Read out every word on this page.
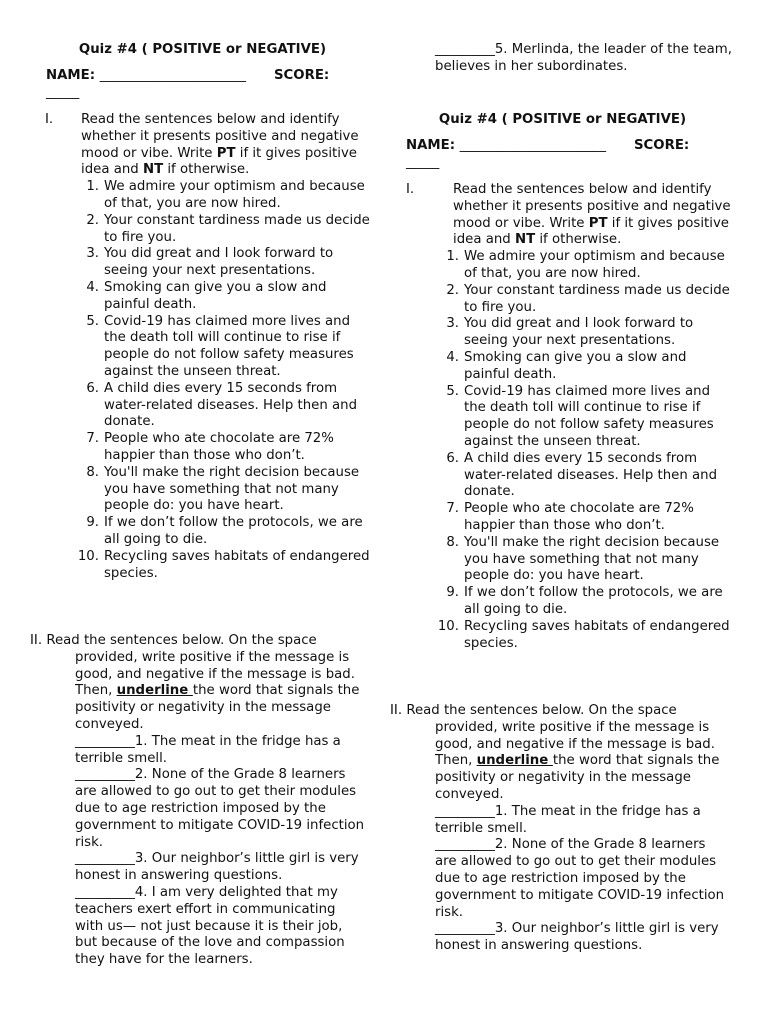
Quiz #4 ( POSITIVE or NEGATIVE)
NAME: ______________________ SCORE:
_____
I. Read the sentences below and identify whether it presents positive and negative mood or vibe. Write PT if it gives positive idea and NT if otherwise.
1. We admire your optimism and because of that, you are now hired.
2. Your constant tardiness made us decide to fire you.
3. You did great and I look forward to seeing your next presentations.
4. Smoking can give you a slow and painful death.
5. Covid-19 has claimed more lives and the death toll will continue to rise if people do not follow safety measures against the unseen threat.
6. A child dies every 15 seconds from water-related diseases. Help then and donate.
7. People who ate chocolate are 72% happier than those who don’t.
8. You'll make the right decision because you have something that not many people do: you have heart.
9. If we don’t follow the protocols, we are all going to die.
10. Recycling saves habitats of endangered species.
II. Read the sentences below. On the space provided, write positive if the message is good, and negative if the message is bad. Then, underline the word that signals the positivity or negativity in the message conveyed.
_________1. The meat in the fridge has a terrible smell.
_________2. None of the Grade 8 learners are allowed to go out to get their modules due to age restriction imposed by the government to mitigate COVID-19 infection risk.
_________3. Our neighbor’s little girl is very honest in answering questions.
_________4. I am very delighted that my teachers exert effort in communicating with us— not just because it is their job, but because of the love and compassion they have for the learners.
_________5. Merlinda, the leader of the team, believes in her subordinates.
Quiz #4 ( POSITIVE or NEGATIVE)
NAME: ______________________ SCORE:
_____
I.	Read the sentences below and identify whether it presents positive and negative mood or vibe. Write PT if it gives positive idea and NT if otherwise.
1. We admire your optimism and because of that, you are now hired.
2. Your constant tardiness made us decide to fire you.
3. You did great and I look forward to seeing your next presentations.
4. Smoking can give you a slow and painful death.
5. Covid-19 has claimed more lives and the death toll will continue to rise if people do not follow safety measures against the unseen threat.
6. A child dies every 15 seconds from water-related diseases. Help then and donate.
7. People who ate chocolate are 72% happier than those who don’t.
8. You'll make the right decision because you have something that not many people do: you have heart.
9. If we don’t follow the protocols, we are all going to die.
10. Recycling saves habitats of endangered species.
II. Read the sentences below. On the space provided, write positive if the message is good, and negative if the message is bad. Then, underline the word that signals the positivity or negativity in the message conveyed.
_________1. The meat in the fridge has a terrible smell.
_________2. None of the Grade 8 learners are allowed to go out to get their modules due to age restriction imposed by the government to mitigate COVID-19 infection risk.
_________3. Our neighbor’s little girl is very honest in answering questions.
